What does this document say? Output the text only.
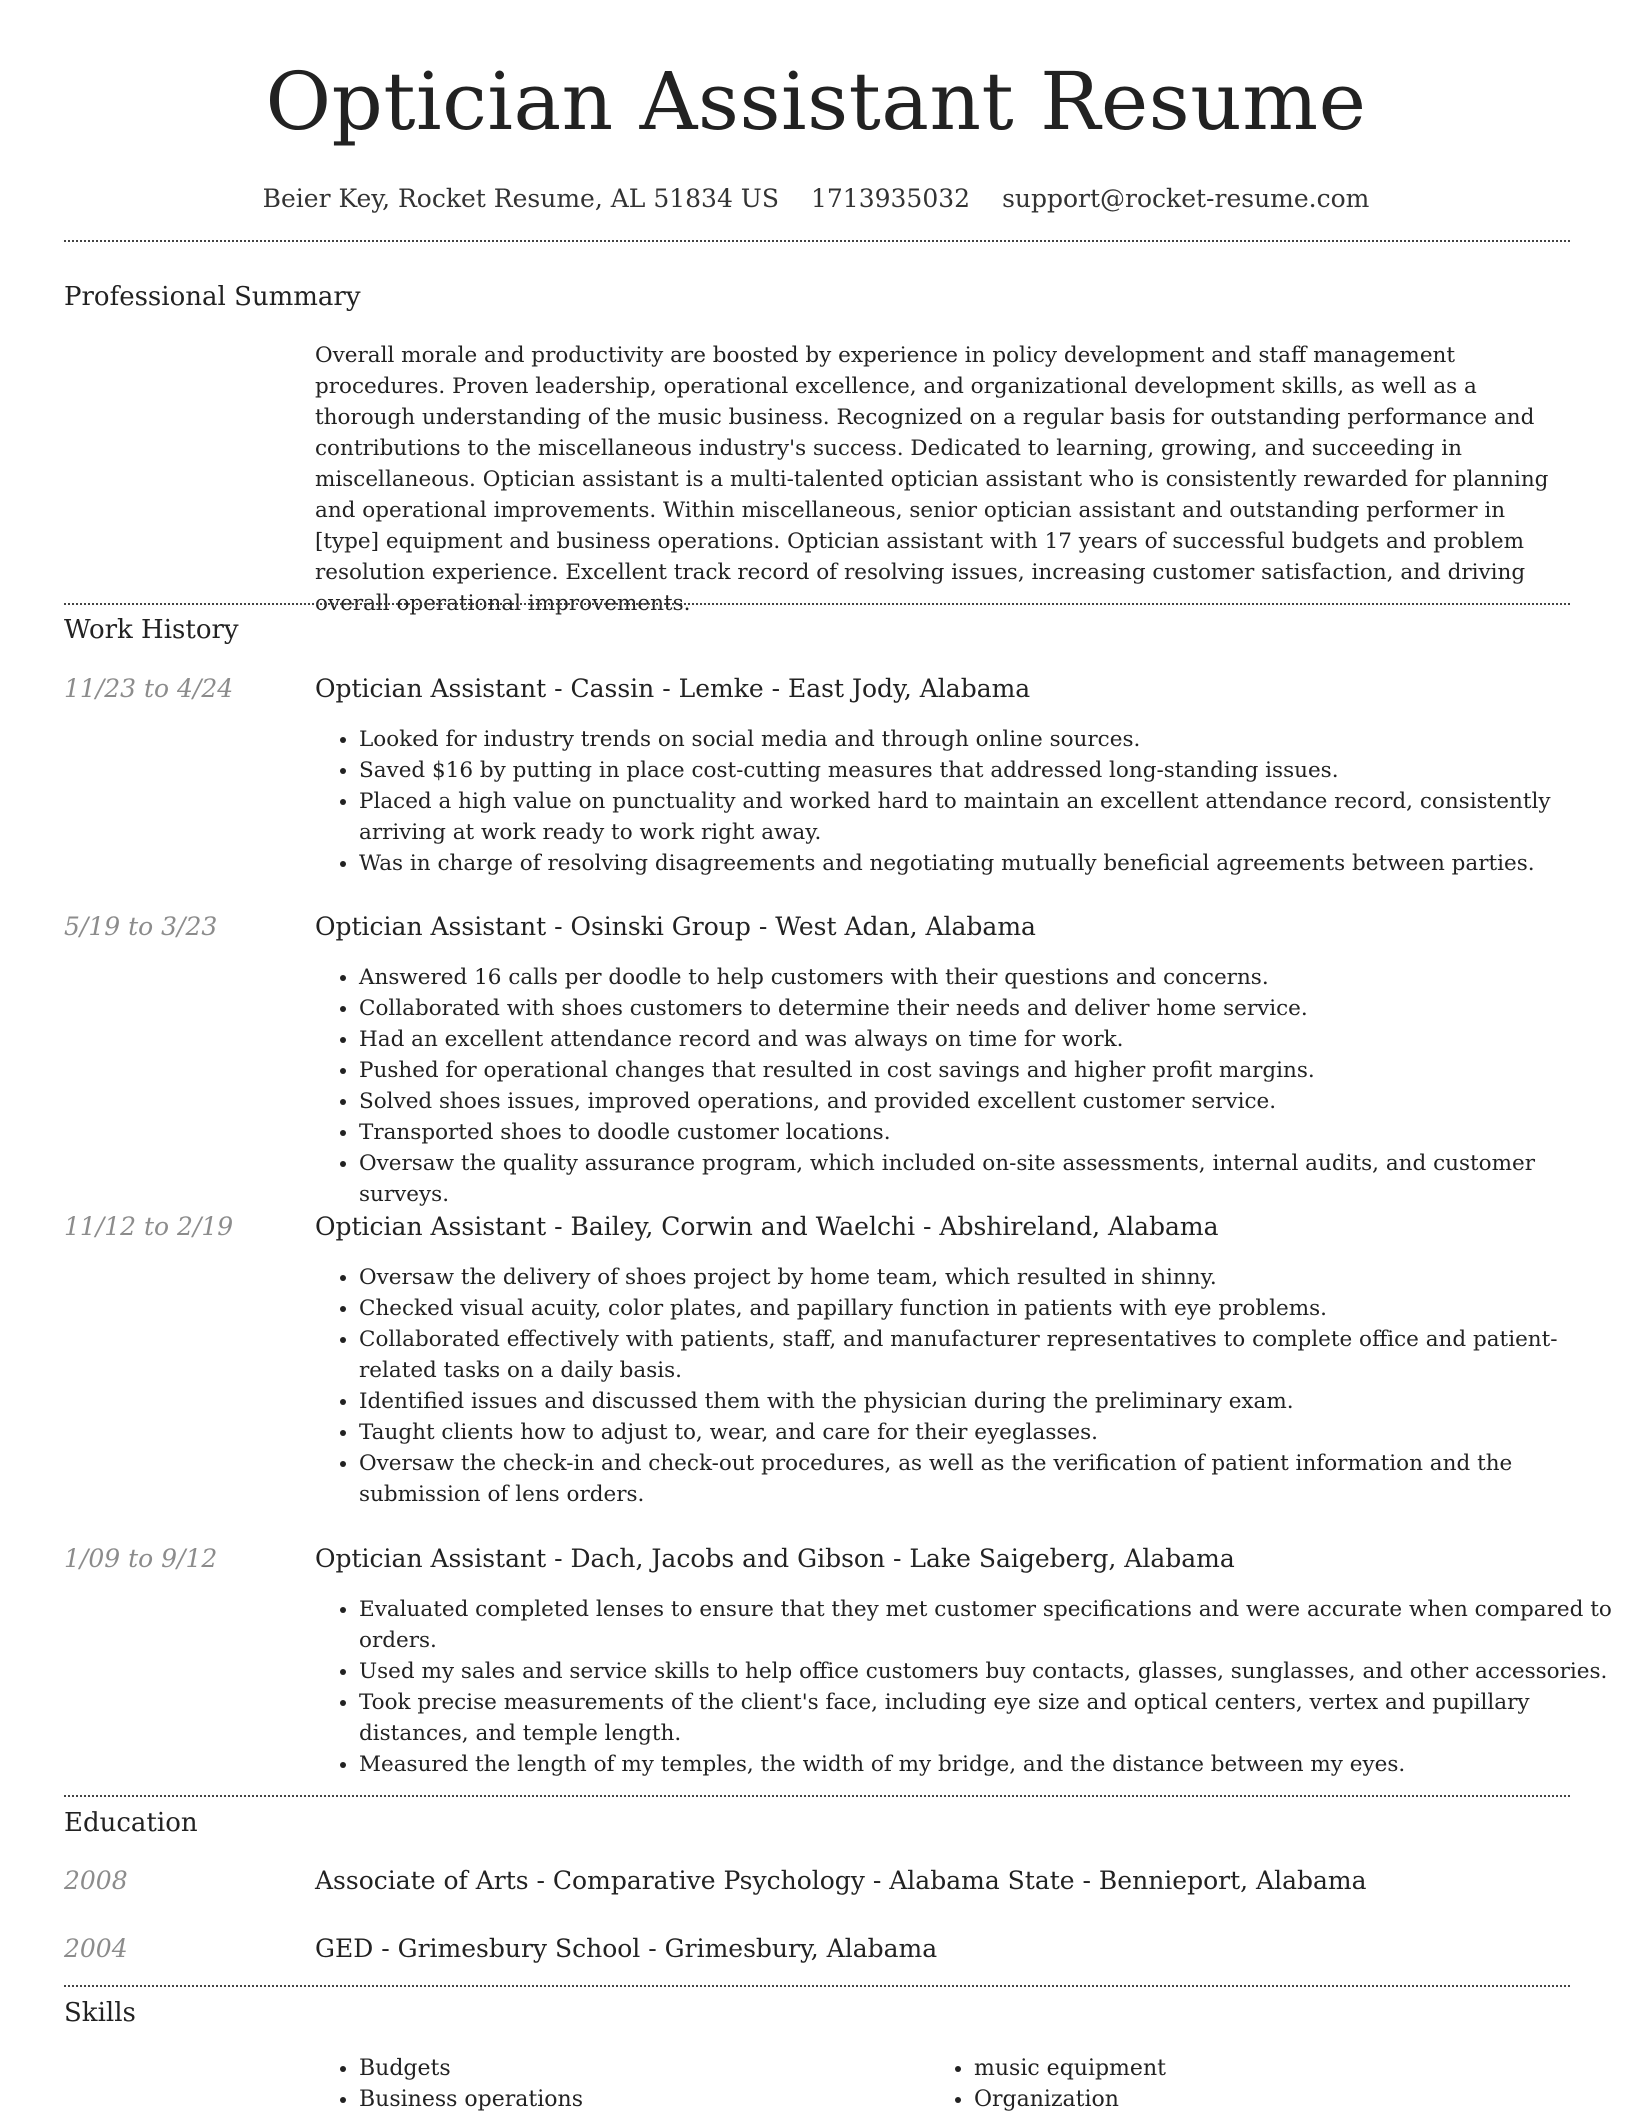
Optician Assistant Resume
Beier Key, Rocket Resume, AL 51834 US 1713935032 support@rocket-resume.com
Professional Summary

Overall morale and productivity are boosted by experience in policy development and staff management procedures. Proven leadership, operational excellence, and organizational development skills, as well as a thorough understanding of the music business. Recognized on a regular basis for outstanding performance and contributions to the miscellaneous industry's success. Dedicated to learning, growing, and succeeding in miscellaneous. Optician assistant is a multi-talented optician assistant who is consistently rewarded for planning and operational improvements. Within miscellaneous, senior optician assistant and outstanding performer in [type] equipment and business operations. Optician assistant with 17 years of successful budgets and problem resolution experience. Excellent track record of resolving issues, increasing customer satisfaction, and driving overall operational improvements.

Work History
11/23 to 4/24	Optician Assistant - Cassin - Lemke - East Jody, Alabama
• Looked for industry trends on social media and through online sources.
• Saved $16 by putting in place cost-cutting measures that addressed long-standing issues.
• Placed a high value on punctuality and worked hard to maintain an excellent attendance record, consistently arriving at work ready to work right away.
• Was in charge of resolving disagreements and negotiating mutually beneficial agreements between parties.
5/19 to 3/23	Optician Assistant - Osinski Group - West Adan, Alabama
• Answered 16 calls per doodle to help customers with their questions and concerns.
• Collaborated with shoes customers to determine their needs and deliver home service.
• Had an excellent attendance record and was always on time for work.
• Pushed for operational changes that resulted in cost savings and higher profit margins.
• Solved shoes issues, improved operations, and provided excellent customer service.
• Transported shoes to doodle customer locations.
• Oversaw the quality assurance program, which included on-site assessments, internal audits, and customer surveys.
11/12 to 2/19	Optician Assistant - Bailey, Corwin and Waelchi - Abshireland, Alabama
• Oversaw the delivery of shoes project by home team, which resulted in shinny.
• Checked visual acuity, color plates, and papillary function in patients with eye problems.
• Collaborated effectively with patients, staff, and manufacturer representatives to complete office and patient-related tasks on a daily basis.
• Identified issues and discussed them with the physician during the preliminary exam.
• Taught clients how to adjust to, wear, and care for their eyeglasses.
• Oversaw the check-in and check-out procedures, as well as the verification of patient information and the submission of lens orders.
1/09 to 9/12	Optician Assistant - Dach, Jacobs and Gibson - Lake Saigeberg, Alabama
• Evaluated completed lenses to ensure that they met customer specifications and were accurate when compared to orders.
• Used my sales and service skills to help office customers buy contacts, glasses, sunglasses, and other accessories.
• Took precise measurements of the client's face, including eye size and optical centers, vertex and pupillary distances, and temple length.
• Measured the length of my temples, the width of my bridge, and the distance between my eyes.
Education
2008	Associate of Arts - Comparative Psychology - Alabama State - Bennieport, Alabama
2004	GED - Grimesbury School - Grimesbury, Alabama
Skills
• Budgets
• Business operations
• music equipment
• Organization
